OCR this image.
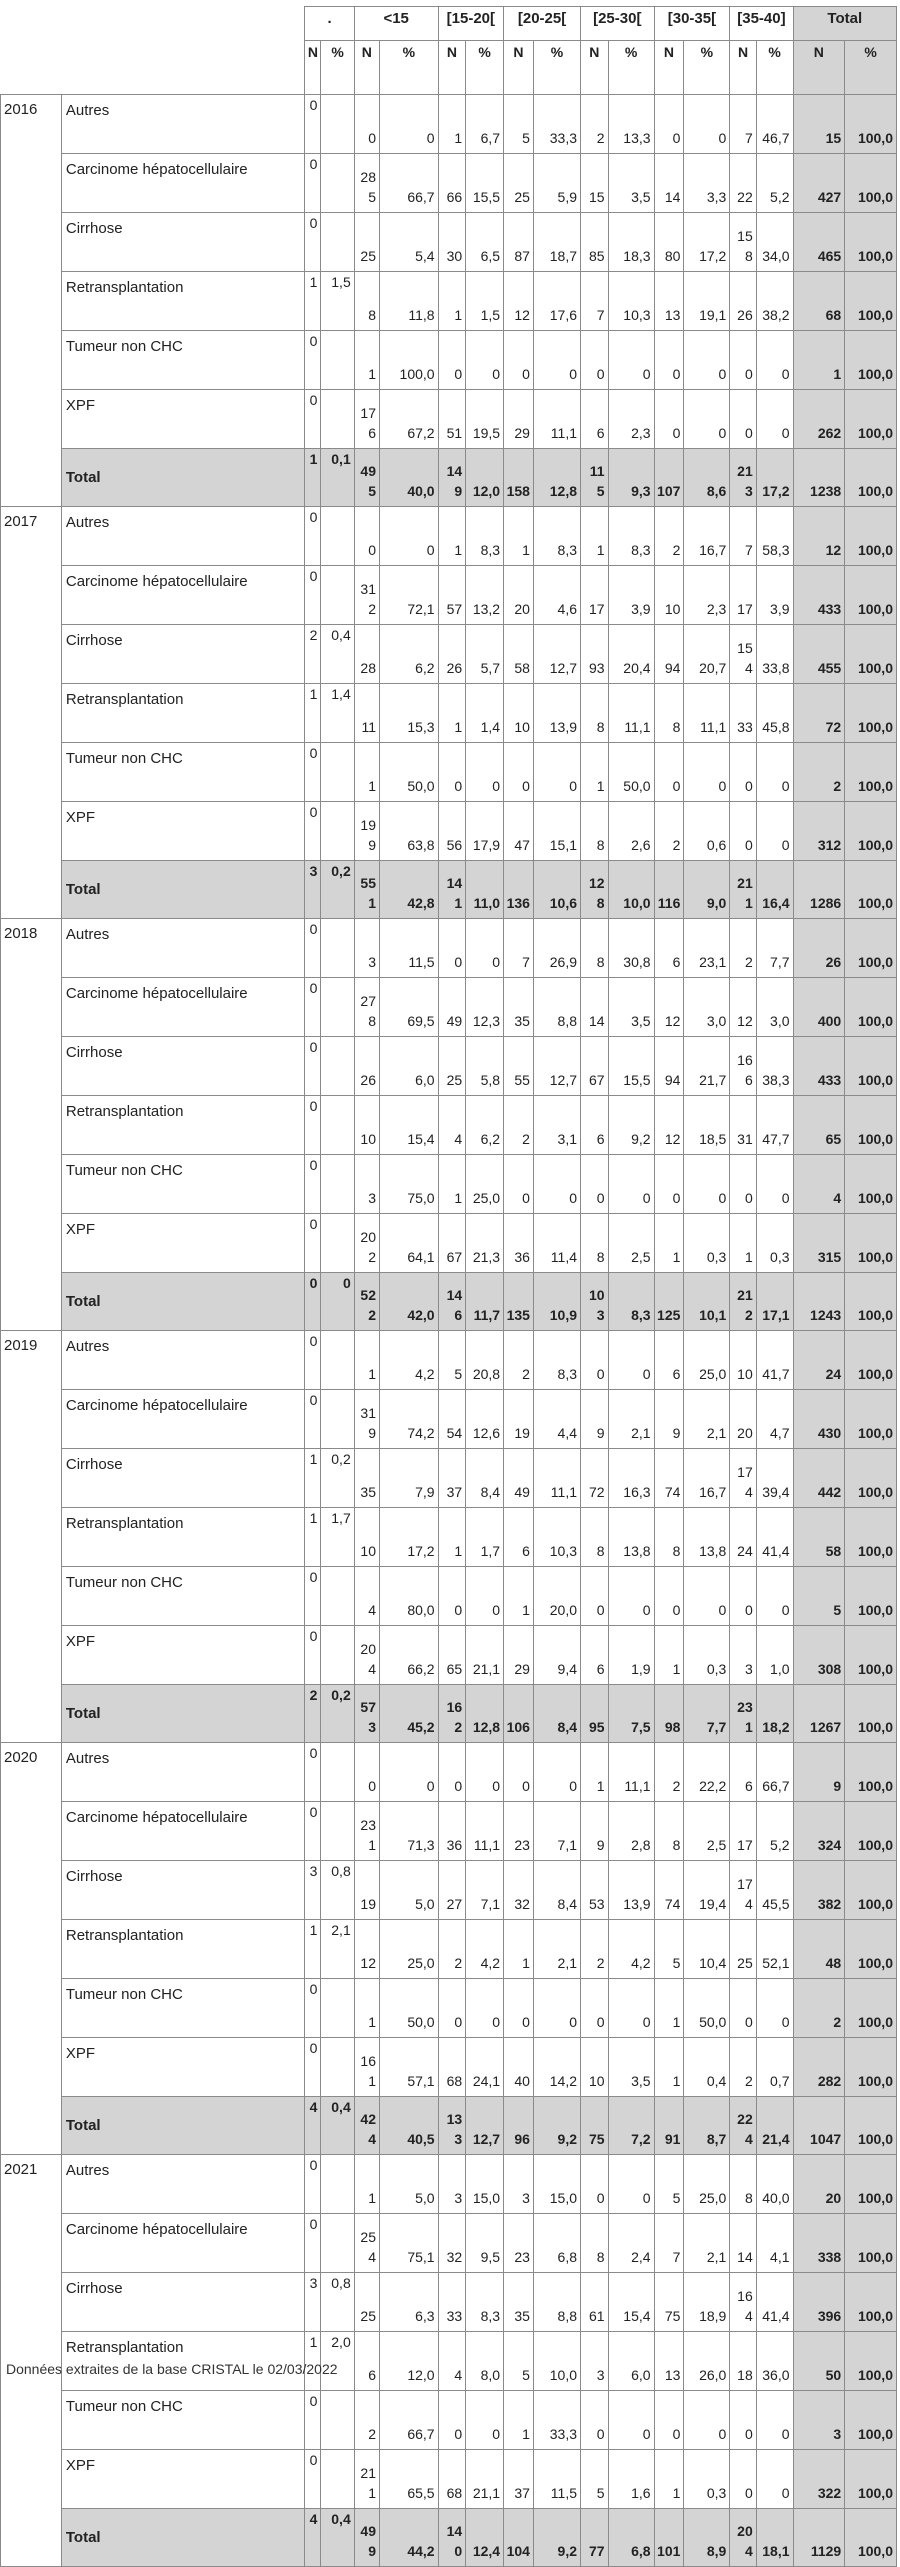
		.		<15		[15-20[		[20-25[		[25-30[		[30-35[		[35-40]		Total	
		N	%	N	%	N	%	N	%	N	%	N	%	N	%	N	%
2016	Autres	0		0	0	1	6,7	5	33,3	2	13,3	0	0	7	46,7	15	100,0
	Carcinome hépatocellulaire	0		285	66,7	66	15,5	25	5,9	15	3,5	14	3,3	22	5,2	427	100,0
	Cirrhose	0		25	5,4	30	6,5	87	18,7	85	18,3	80	17,2	158	34,0	465	100,0
	Retransplantation	1	1,5	8	11,8	1	1,5	12	17,6	7	10,3	13	19,1	26	38,2	68	100,0
	Tumeur non CHC	0		1	100,0	0	0	0	0	0	0	0	0	0	0	1	100,0
	XPF	0		176	67,2	51	19,5	29	11,1	6	2,3	0	0	0	0	262	100,0
	Total	1	0,1	495	40,0	149	12,0	158	12,8	115	9,3	107	8,6	213	17,2	1238	100,0
2017	Autres	0		0	0	1	8,3	1	8,3	1	8,3	2	16,7	7	58,3	12	100,0
	Carcinome hépatocellulaire	0		312	72,1	57	13,2	20	4,6	17	3,9	10	2,3	17	3,9	433	100,0
	Cirrhose	2	0,4	28	6,2	26	5,7	58	12,7	93	20,4	94	20,7	154	33,8	455	100,0
	Retransplantation	1	1,4	11	15,3	1	1,4	10	13,9	8	11,1	8	11,1	33	45,8	72	100,0
	Tumeur non CHC	0		1	50,0	0	0	0	0	1	50,0	0	0	0	0	2	100,0
	XPF	0		199	63,8	56	17,9	47	15,1	8	2,6	2	0,6	0	0	312	100,0
	Total	3	0,2	551	42,8	141	11,0	136	10,6	128	10,0	116	9,0	211	16,4	1286	100,0
2018	Autres	0		3	11,5	0	0	7	26,9	8	30,8	6	23,1	2	7,7	26	100,0
	Carcinome hépatocellulaire	0		278	69,5	49	12,3	35	8,8	14	3,5	12	3,0	12	3,0	400	100,0
	Cirrhose	0		26	6,0	25	5,8	55	12,7	67	15,5	94	21,7	166	38,3	433	100,0
	Retransplantation	0		10	15,4	4	6,2	2	3,1	6	9,2	12	18,5	31	47,7	65	100,0
	Tumeur non CHC	0		3	75,0	1	25,0	0	0	0	0	0	0	0	0	4	100,0
	XPF	0		202	64,1	67	21,3	36	11,4	8	2,5	1	0,3	1	0,3	315	100,0
	Total	0	0	522	42,0	146	11,7	135	10,9	103	8,3	125	10,1	212	17,1	1243	100,0
2019	Autres	0		1	4,2	5	20,8	2	8,3	0	0	6	25,0	10	41,7	24	100,0
	Carcinome hépatocellulaire	0		319	74,2	54	12,6	19	4,4	9	2,1	9	2,1	20	4,7	430	100,0
	Cirrhose	1	0,2	35	7,9	37	8,4	49	11,1	72	16,3	74	16,7	174	39,4	442	100,0
	Retransplantation	1	1,7	10	17,2	1	1,7	6	10,3	8	13,8	8	13,8	24	41,4	58	100,0
	Tumeur non CHC	0		4	80,0	0	0	1	20,0	0	0	0	0	0	0	5	100,0
	XPF	0		204	66,2	65	21,1	29	9,4	6	1,9	1	0,3	3	1,0	308	100,0
	Total	2	0,2	573	45,2	162	12,8	106	8,4	95	7,5	98	7,7	231	18,2	1267	100,0
2020	Autres	0		0	0	0	0	0	0	1	11,1	2	22,2	6	66,7	9	100,0
	Carcinome hépatocellulaire	0		231	71,3	36	11,1	23	7,1	9	2,8	8	2,5	17	5,2	324	100,0
	Cirrhose	3	0,8	19	5,0	27	7,1	32	8,4	53	13,9	74	19,4	174	45,5	382	100,0
	Retransplantation	1	2,1	12	25,0	2	4,2	1	2,1	2	4,2	5	10,4	25	52,1	48	100,0
	Tumeur non CHC	0		1	50,0	0	0	0	0	0	0	1	50,0	0	0	2	100,0
	XPF	0		161	57,1	68	24,1	40	14,2	10	3,5	1	0,4	2	0,7	282	100,0
	Total	4	0,4	424	40,5	133	12,7	96	9,2	75	7,2	91	8,7	224	21,4	1047	100,0
2021	Autres	0		1	5,0	3	15,0	3	15,0	0	0	5	25,0	8	40,0	20	100,0
	Carcinome hépatocellulaire	0		254	75,1	32	9,5	23	6,8	8	2,4	7	2,1	14	4,1	338	100,0
	Cirrhose	3	0,8	25	6,3	33	8,3	35	8,8	61	15,4	75	18,9	164	41,4	396	100,0
	Retransplantation	1	2,0	6	12,0	4	8,0	5	10,0	3	6,0	13	26,0	18	36,0	50	100,0
	Tumeur non CHC	0		2	66,7	0	0	1	33,3	0	0	0	0	0	0	3	100,0
	XPF	0		211	65,5	68	21,1	37	11,5	5	1,6	1	0,3	0	0	322	100,0
	Total	4	0,4	499	44,2	140	12,4	104	9,2	77	6,8	101	8,9	204	18,1	1129	100,0
Données extraites de la base CRISTAL le 02/03/2022
